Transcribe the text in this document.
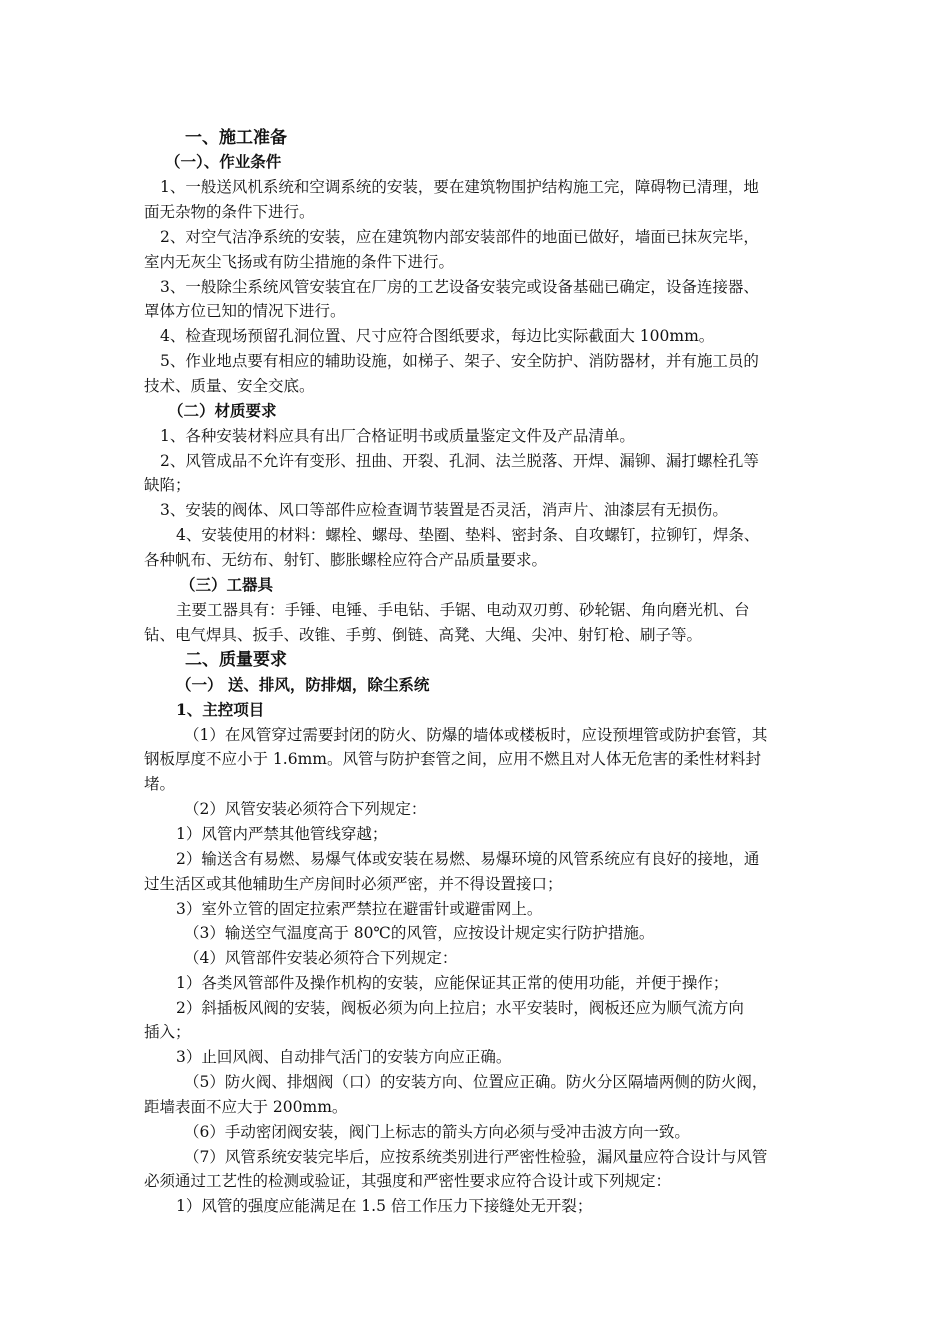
一、施工准备
（一）、作业条件
1、一般送风机系统和空调系统的安装，要在建筑物围护结构施工完，障碍物已清理，地
面无杂物的条件下进行。
2、对空气洁净系统的安装，应在建筑物内部安装部件的地面已做好，墙面已抹灰完毕，
室内无灰尘飞扬或有防尘措施的条件下进行。
3、一般除尘系统风管安装宜在厂房的工艺设备安装完或设备基础已确定，设备连接器、
罩体方位已知的情况下进行。
4、检查现场预留孔洞位置、尺寸应符合图纸要求，每边比实际截面大 100mm。
5、作业地点要有相应的辅助设施，如梯子、架子、安全防护、消防器材，并有施工员的
技术、质量、安全交底。
（二）材质要求
1、各种安装材料应具有出厂合格证明书或质量鉴定文件及产品清单。
2、风管成品不允许有变形、扭曲、开裂、孔洞、法兰脱落、开焊、漏铆、漏打螺栓孔等
缺陷；
3、安装的阀体、风口等部件应检查调节装置是否灵活，消声片、油漆层有无损伤。
4、安装使用的材料：螺栓、螺母、垫圈、垫料、密封条、自攻螺钉，拉铆钉，焊条、
各种帆布、无纺布、射钉、膨胀螺栓应符合产品质量要求。
（三）工器具
主要工器具有：手锤、电锤、手电钻、手锯、电动双刃剪、砂轮锯、角向磨光机、台
钻、电气焊具、扳手、改锥、手剪、倒链、高凳、大绳、尖冲、射钉枪、刷子等。
二、质量要求
（一） 送、排风，防排烟，除尘系统
1、主控项目
（1）在风管穿过需要封闭的防火、防爆的墙体或楼板时，应设预埋管或防护套管，其
钢板厚度不应小于 1.6mm。风管与防护套管之间，应用不燃且对人体无危害的柔性材料封
堵。
（2）风管安装必须符合下列规定：
1）风管内严禁其他管线穿越；
2）输送含有易燃、易爆气体或安装在易燃、易爆环境的风管系统应有良好的接地，通
过生活区或其他辅助生产房间时必须严密，并不得设置接口；
3）室外立管的固定拉索严禁拉在避雷针或避雷网上。
（3）输送空气温度高于 80℃的风管，应按设计规定实行防护措施。
（4）风管部件安装必须符合下列规定：
1）各类风管部件及操作机构的安装，应能保证其正常的使用功能，并便于操作；
2）斜插板风阀的安装，阀板必须为向上拉启；水平安装时，阀板还应为顺气流方向
插入；
3）止回风阀、自动排气活门的安装方向应正确。
（5）防火阀、排烟阀（口）的安装方向、位置应正确。防火分区隔墙两侧的防火阀，
距墙表面不应大于 200mm。
（6）手动密闭阀安装，阀门上标志的箭头方向必须与受冲击波方向一致。
（7）风管系统安装完毕后，应按系统类别进行严密性检验，漏风量应符合设计与风管
必须通过工艺性的检测或验证，其强度和严密性要求应符合设计或下列规定：
1）风管的强度应能满足在 1.5 倍工作压力下接缝处无开裂；
